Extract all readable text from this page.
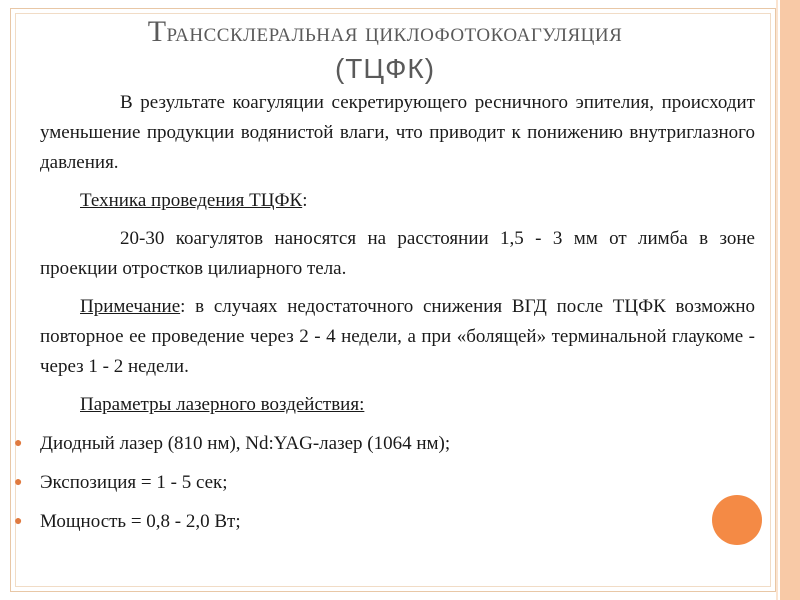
Транссклеральная циклофотокоагуляция
(ТЦФК)

В результате коагуляции секретирующего ресничного эпителия, происходит уменьшение продукции водянистой влаги, что приводит к понижению внутриглазного давления.

Техника проведения ТЦФК:

20-30 коагулятов наносятся на расстоянии 1,5 - 3 мм от лимба в зоне проекции отростков цилиарного тела.

Примечание: в случаях недостаточного снижения ВГД после ТЦФК возможно повторное ее проведение через 2 - 4 недели, а при «болящей» терминальной глаукоме - через 1 - 2 недели.

Параметры лазерного воздействия:

● Диодный лазер (810 нм), Nd:YAG-лазер (1064 нм);
● Экспозиция = 1 - 5 сек;
● Мощность = 0,8 - 2,0 Вт;
